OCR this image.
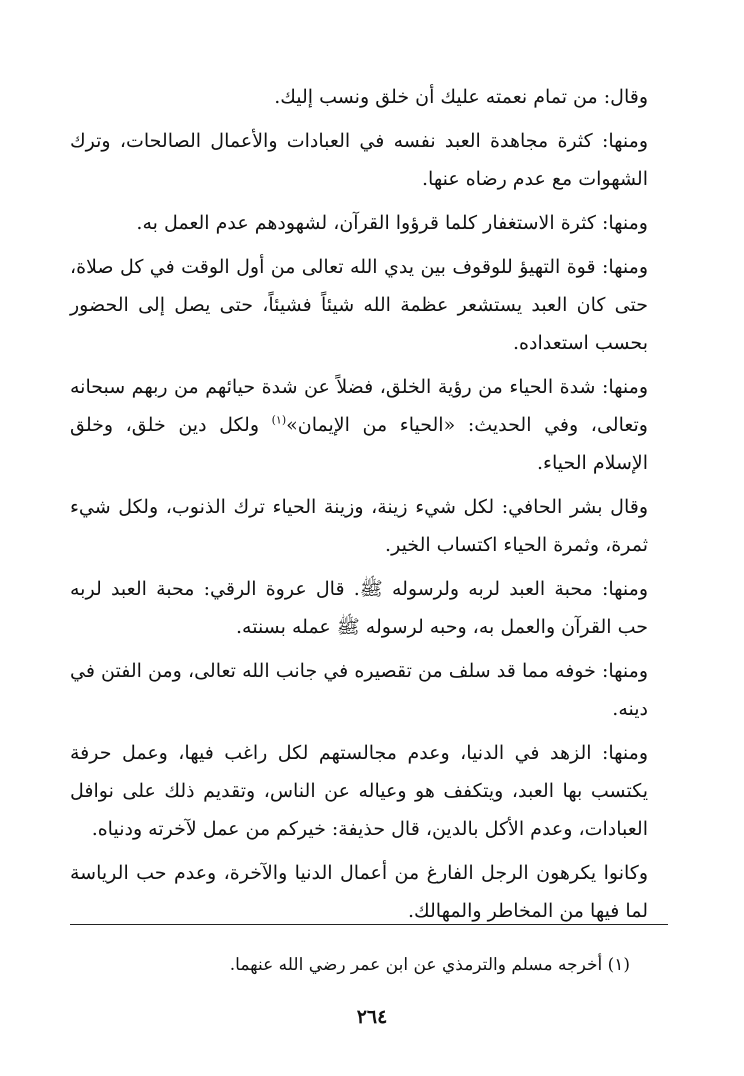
وقال: من تمام نعمته عليك أن خلق ونسب إليك.

ومنها: كثرة مجاهدة العبد نفسه في العبادات والأعمال الصالحات، وترك الشهوات مع عدم رضاه عنها.

ومنها: كثرة الاستغفار كلما قرؤوا القرآن، لشهودهم عدم العمل به.

ومنها: قوة التهيؤ للوقوف بين يدي الله تعالى من أول الوقت في كل صلاة، حتى كان العبد يستشعر عظمة الله شيئاً فشيئاً، حتى يصل إلى الحضور بحسب استعداده.

ومنها: شدة الحياء من رؤية الخلق، فضلاً عن شدة حيائهم من ربهم سبحانه وتعالى، وفي الحديث: «الحياء من الإيمان»$^{(١)}$ ولكل دين خلق، وخلق الإسلام الحياء.

وقال بشر الحافي: لكل شيء زينة، وزينة الحياء ترك الذنوب، ولكل شيء ثمرة، وثمرة الحياء اكتساب الخير.

ومنها: محبة العبد لربه ولرسوله ﷺ. قال عروة الرقي: محبة العبد لربه حب القرآن والعمل به، وحبه لرسوله ﷺ عمله بسنته.

ومنها: خوفه مما قد سلف من تقصيره في جانب الله تعالى، ومن الفتن في دينه.

ومنها: الزهد في الدنيا، وعدم مجالستهم لكل راغب فيها، وعمل حرفة يكتسب بها العبد، ويتكفف هو وعياله عن الناس، وتقديم ذلك على نوافل العبادات، وعدم الأكل بالدين، قال حذيفة: خيركم من عمل لآخرته ودنياه.

وكانوا يكرهون الرجل الفارغ من أعمال الدنيا والآخرة، وعدم حب الرياسة لما فيها من المخاطر والمهالك.

(١) أخرجه مسلم والترمذي عن ابن عمر رضي الله عنهما.
٢٦٤
